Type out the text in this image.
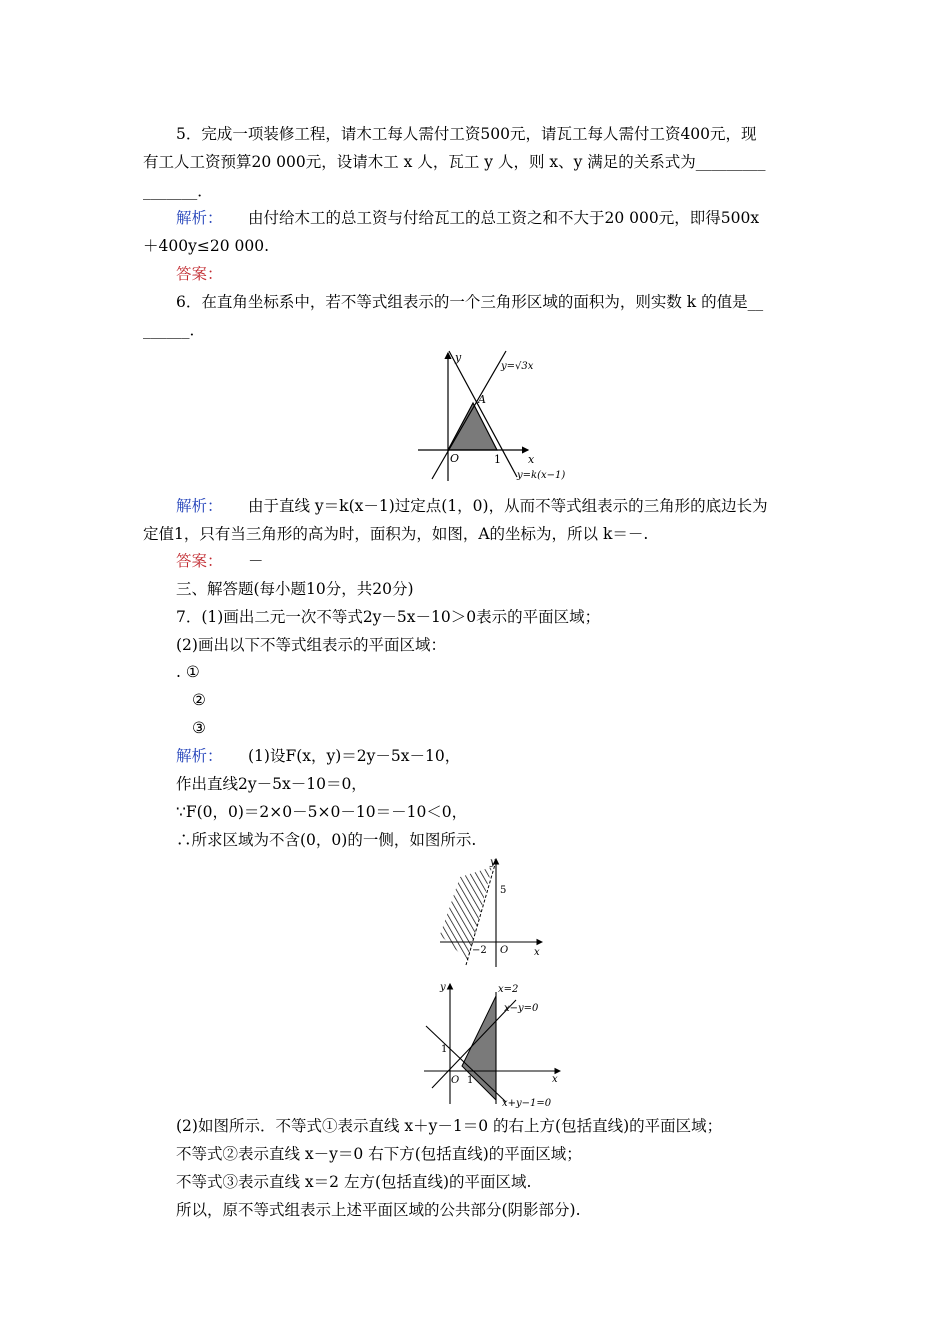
5．完成一项装修工程，请木工每人需付工资500元，请瓦工每人需付工资400元，现
有工人工资预算20 000元，设请木工 x 人，瓦工 y 人，则 x、y 满足的关系式为_________
_______．
解析： 由付给木工的总工资与付给瓦工的总工资之和不大于20 000元，即得500x
＋400y≤20 000.
答案：
6．在直角坐标系中，若不等式组表示的一个三角形区域的面积为，则实数 k 的值是__
______．
y
x
A
O	1
y=√3x
y=k(x−1)
解析： 由于直线 y＝k(x－1)过定点(1，0)，从而不等式组表示的三角形的底边长为
定值1，只有当三角形的高为时，面积为，如图，A的坐标为，所以 k＝－.
答案： －
三、解答题(每小题10分，共20分)
7．(1)画出二元一次不等式2y－5x－10＞0表示的平面区域；
(2)画出以下不等式组表示的平面区域：
. ①
②
③
解析： (1)设F(x，y)＝2y－5x－10，
作出直线2y－5x－10＝0，
∵F(0，0)＝2×0－5×0－10＝－10＜0，
∴所求区域为不含(0，0)的一侧，如图所示.
y
x
5
−2 O
y
x
O
1
1
x=2
x−y=0
x+y−1=0
(2)如图所示．不等式①表示直线 x＋y－1＝0 的右上方(包括直线)的平面区域；
不等式②表示直线 x－y＝0 右下方(包括直线)的平面区域；
不等式③表示直线 x＝2 左方(包括直线)的平面区域.
所以，原不等式组表示上述平面区域的公共部分(阴影部分).
